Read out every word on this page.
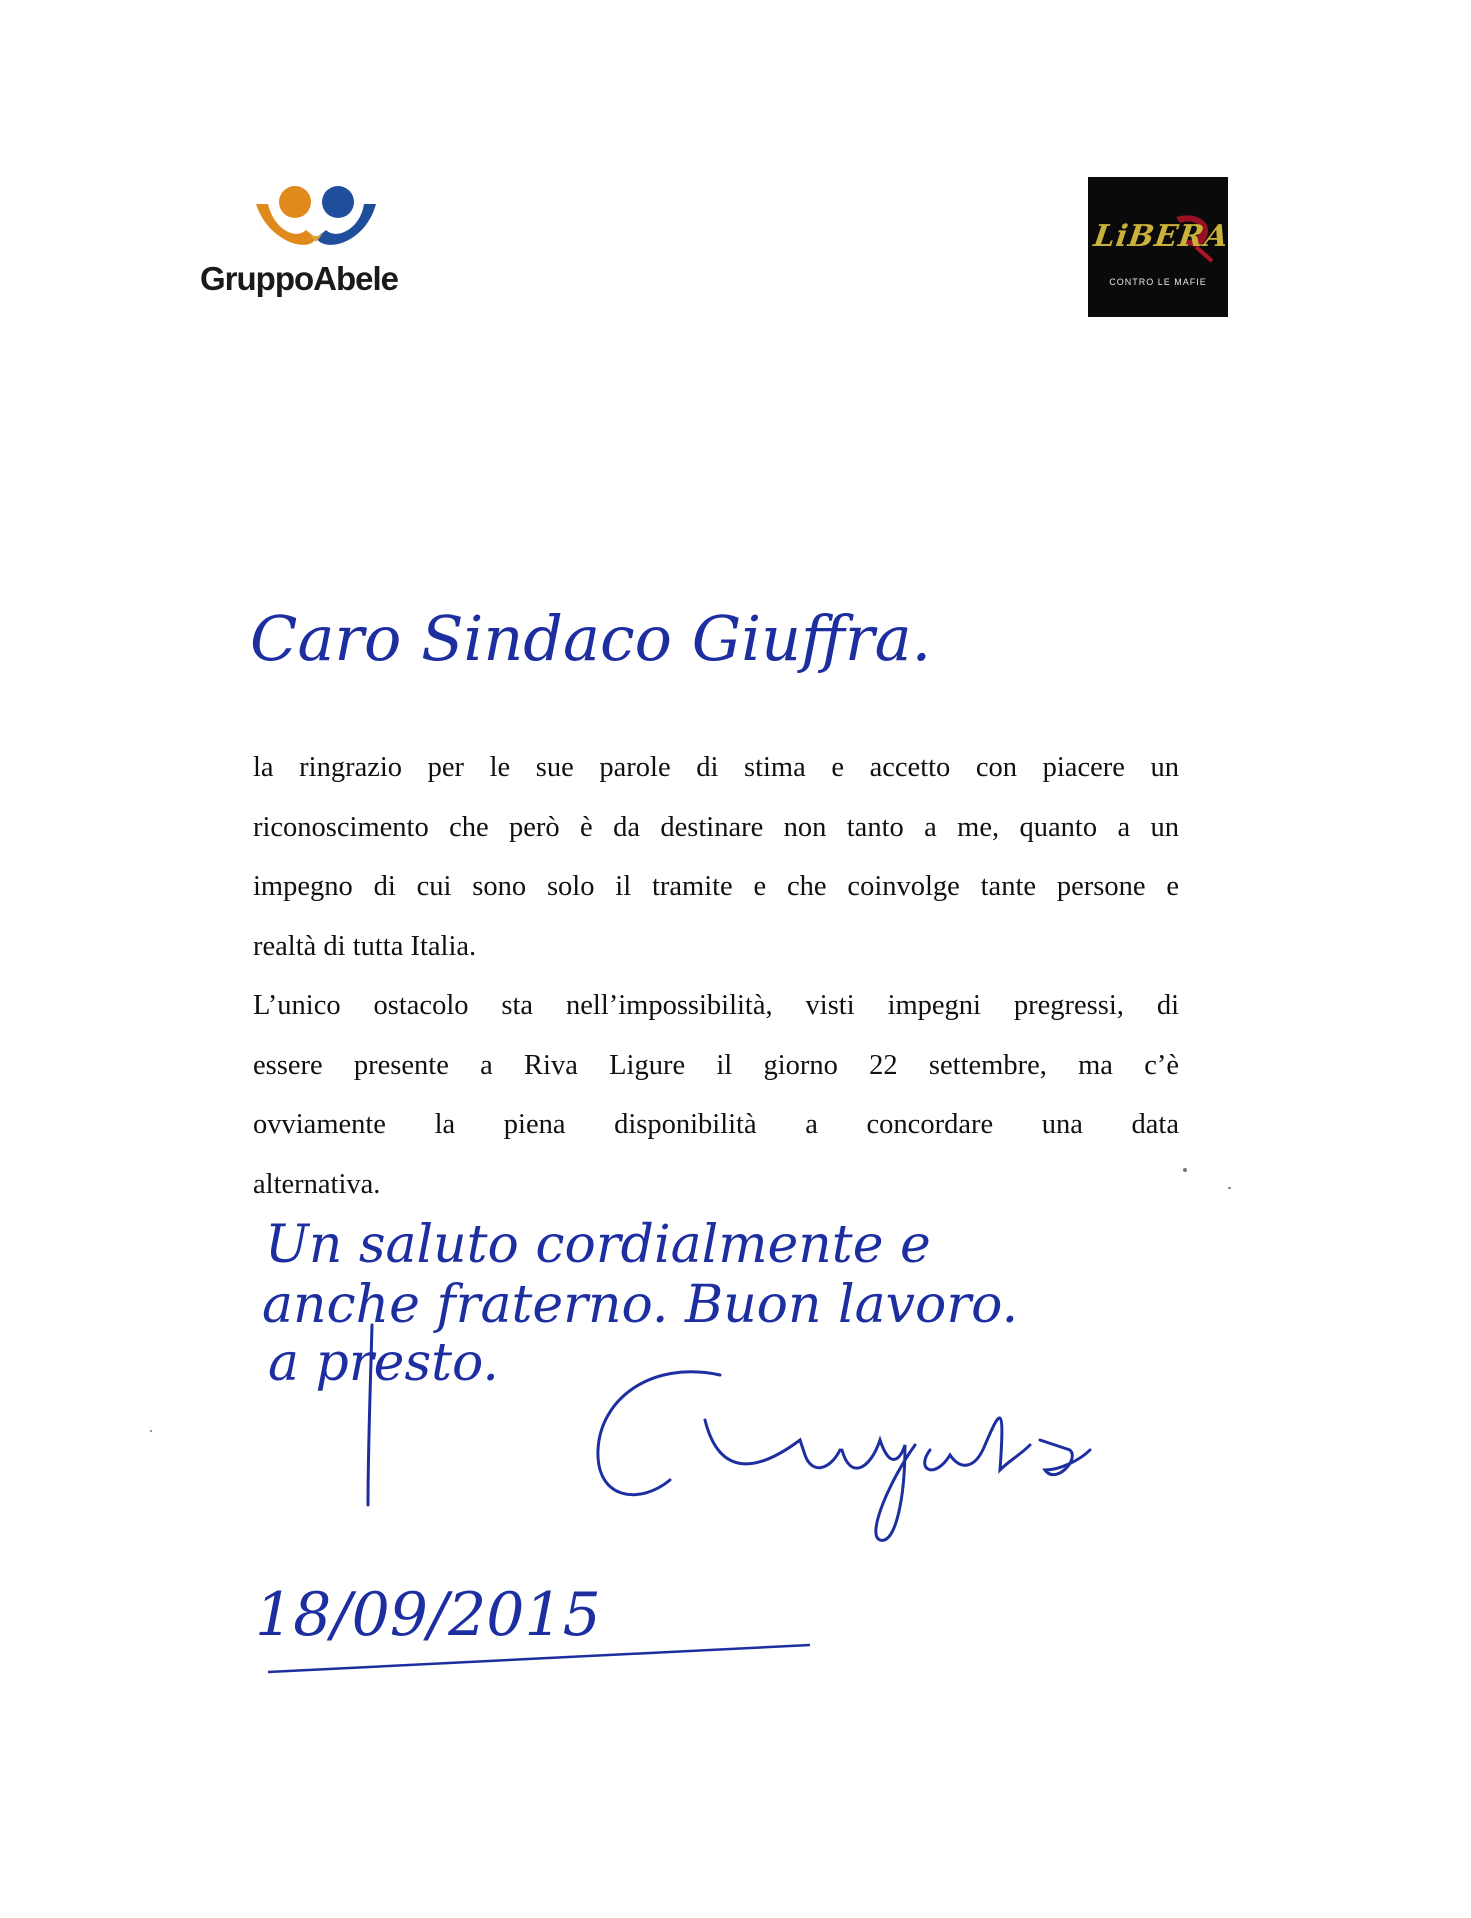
GruppoAbele
LiBERA
CONTRO LE MAFIE
Caro Sindaco Giuffra.
Un saluto cordialmente e
anche fraterno. Buon lavoro.
a presto.
18/09/2015

la ringrazio per le sue parole di stima e accetto con piacere un

riconoscimento che però è da destinare non tanto a me, quanto a un

impegno di cui sono solo il tramite e che coinvolge tante persone e

realtà di tutta Italia.

L’unico ostacolo sta nell’impossibilità, visti impegni pregressi, di

essere presente a Riva Ligure il giorno 22 settembre, ma c’è

ovviamente la piena disponibilità a concordare una data

alternativa.
